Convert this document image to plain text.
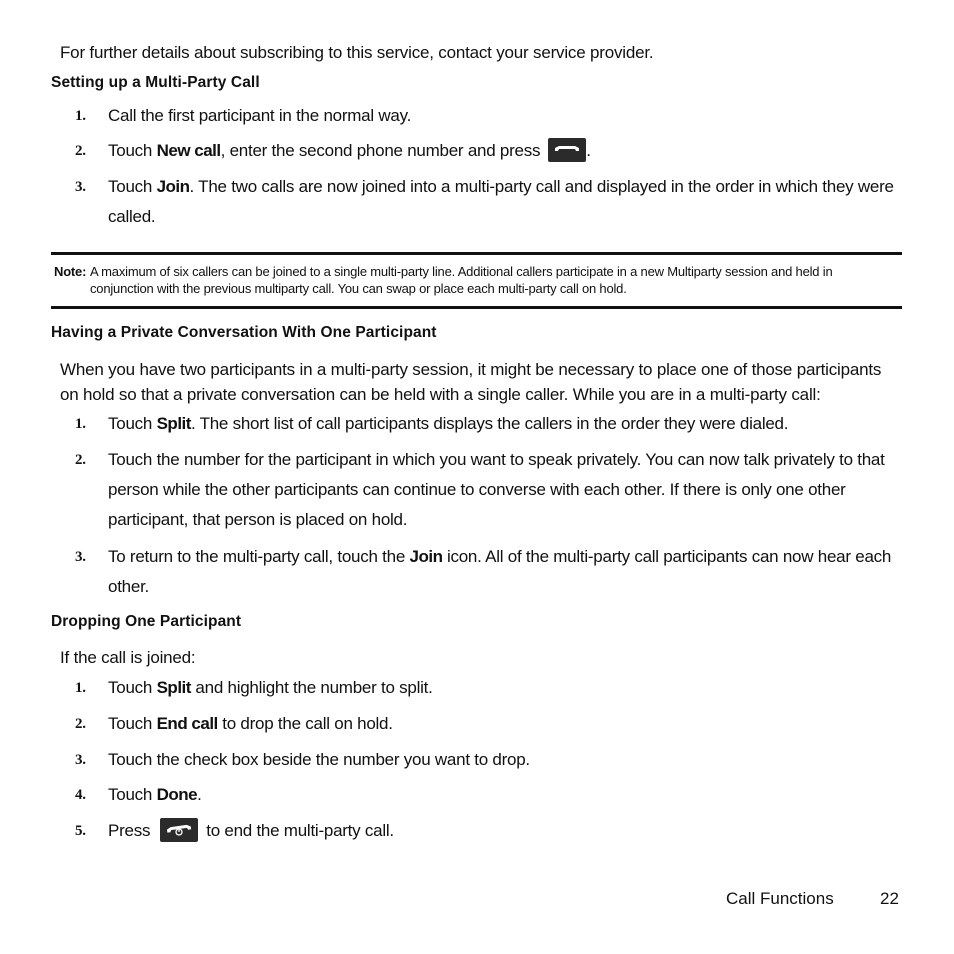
For further details about subscribing to this service, contact your service provider.
Setting up a Multi-Party Call
1. Call the first participant in the normal way.
2. Touch New call, enter the second phone number and press	.
3. Touch Join. The two calls are now joined into a multi-party call and displayed in the order in which they were called.
Note: A maximum of six callers can be joined to a single multi-party line. Additional callers participate in a new Multiparty session and held in conjunction with the previous multiparty call. You can swap or place each multi-party call on hold.
Having a Private Conversation With One Participant
When you have two participants in a multi-party session, it might be necessary to place one of those participants on hold so that a private conversation can be held with a single caller. While you are in a multi-party call:
1. Touch Split. The short list of call participants displays the callers in the order they were dialed.
2. Touch the number for the participant in which you want to speak privately. You can now talk privately to that person while the other participants can continue to converse with each other. If there is only one other participant, that person is placed on hold.
3. To return to the multi-party call, touch the Join icon. All of the multi-party call participants can now hear each other.
Dropping One Participant
If the call is joined:
1. Touch Split and highlight the number to split.
2. Touch End call to drop the call on hold.
3. Touch the check box beside the number you want to drop.
4. Touch Done.
5. Press	to end the multi-party call.
Call Functions	22
